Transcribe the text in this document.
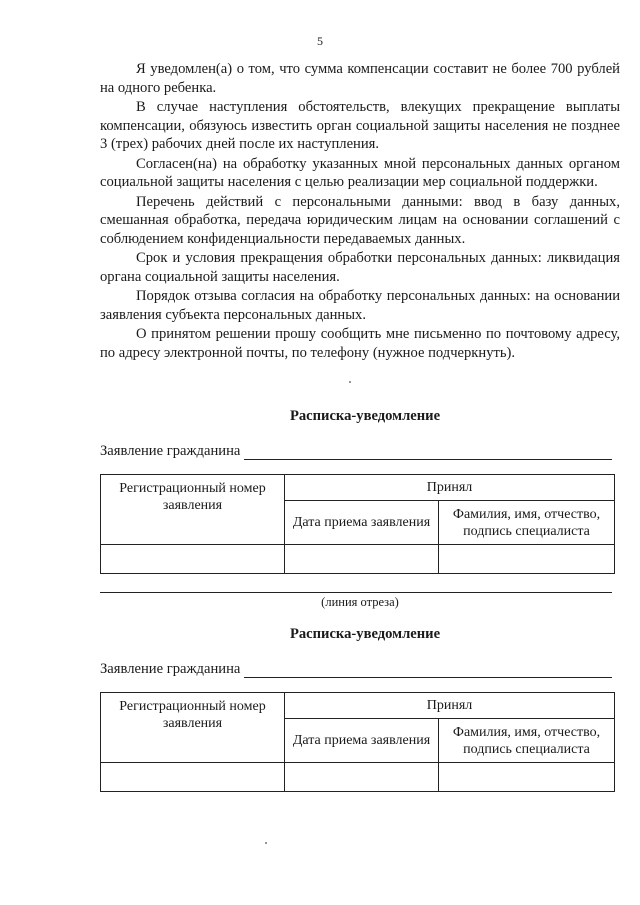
5

Я уведомлен(а) о том, что сумма компенсации составит не более 700 рублей на одного ребенка.

В случае наступления обстоятельств, влекущих прекращение выплаты компенсации, обязуюсь известить орган социальной защиты населения не позднее 3 (трех) рабочих дней после их наступления.

Согласен(на) на обработку указанных мной персональных данных органом социальной защиты населения с целью реализации мер социальной поддержки.

Перечень действий с персональными данными: ввод в базу данных, смешанная обработка, передача юридическим лицам на основании соглашений с соблюдением конфиденциальности передаваемых данных.

Срок и условия прекращения обработки персональных данных: ликвидация органа социальной защиты населения.

Порядок отзыва согласия на обработку персональных данных: на основании заявления субъекта персональных данных.

О принятом решении прошу сообщить мне письменно по почтовому адресу, по адресу электронной почты, по телефону (нужное подчеркнуть).

Расписка-уведомление
Заявление гражданина
Регистрационный номер заявления	Принял	
	Дата приема заявления	Фамилия, имя, отчество, подпись специалиста

(линия отреза)
Расписка-уведомление
Заявление гражданина
Регистрационный номер заявления	Принял	
	Дата приема заявления	Фамилия, имя, отчество, подпись специалиста
